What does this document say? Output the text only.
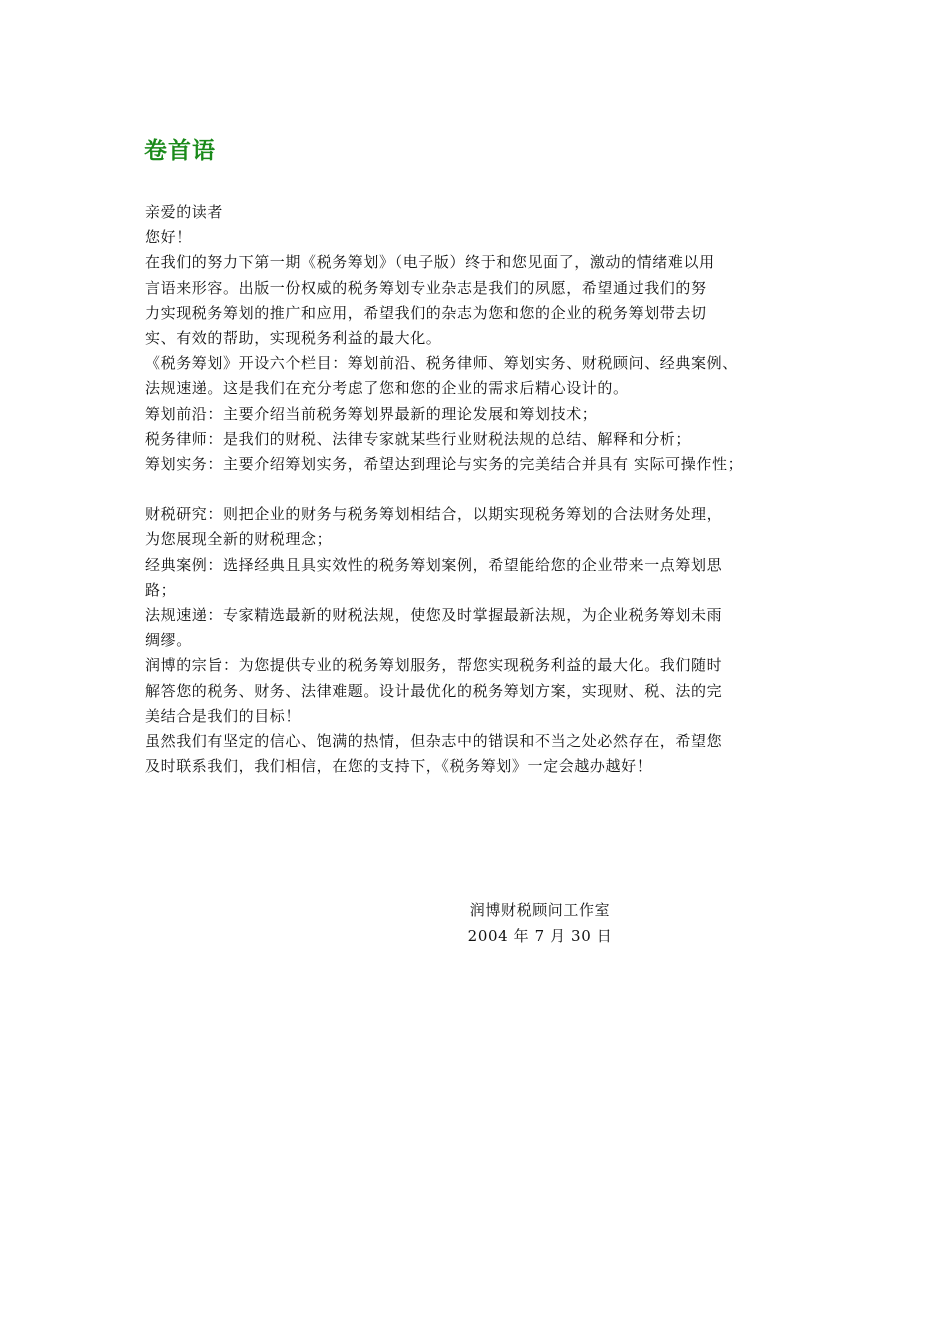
卷首语
亲爱的读者
您好！
在我们的努力下第一期《税务筹划》（电子版）终于和您见面了，激动的情绪难以用
言语来形容。出版一份权威的税务筹划专业杂志是我们的夙愿，希望通过我们的努
力实现税务筹划的推广和应用，希望我们的杂志为您和您的企业的税务筹划带去切
实、有效的帮助，实现税务利益的最大化。
《税务筹划》开设六个栏目：筹划前沿、税务律师、筹划实务、财税顾问、经典案例、
法规速递。这是我们在充分考虑了您和您的企业的需求后精心设计的。
筹划前沿：主要介绍当前税务筹划界最新的理论发展和筹划技术；
税务律师：是我们的财税、法律专家就某些行业财税法规的总结、解释和分析；
筹划实务：主要介绍筹划实务，希望达到理论与实务的完美结合并具有 实际可操作性；
财税研究：则把企业的财务与税务筹划相结合，以期实现税务筹划的合法财务处理，
为您展现全新的财税理念；
经典案例：选择经典且具实效性的税务筹划案例，希望能给您的企业带来一点筹划思
路；
法规速递：专家精选最新的财税法规，使您及时掌握最新法规，为企业税务筹划未雨
绸缪。
润博的宗旨：为您提供专业的税务筹划服务，帮您实现税务利益的最大化。我们随时
解答您的税务、财务、法律难题。设计最优化的税务筹划方案，实现财、税、法的完
美结合是我们的目标！
虽然我们有坚定的信心、饱满的热情，但杂志中的错误和不当之处必然存在，希望您
及时联系我们，我们相信，在您的支持下，《税务筹划》一定会越办越好！
润博财税顾问工作室
2004 年 7 月 30 日
